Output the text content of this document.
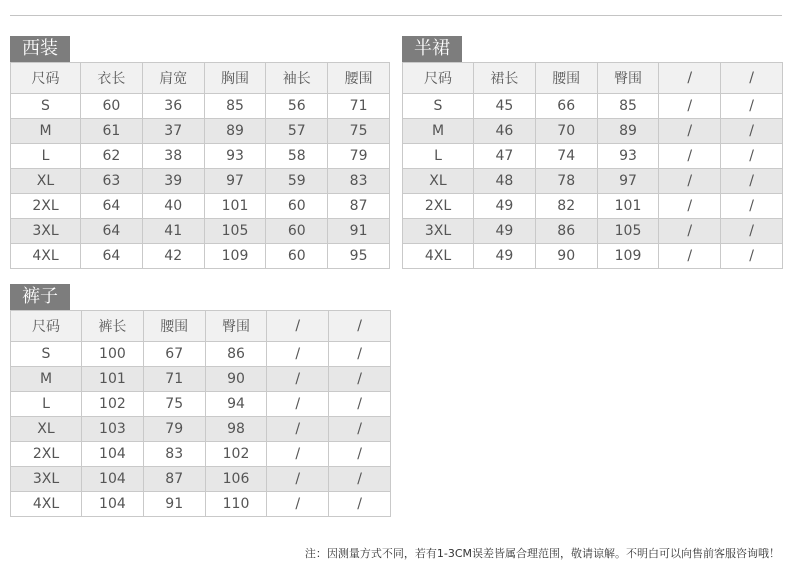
西装
尺码	衣长	肩宽	胸围	袖长	腰围
S	60	36	85	56	71
M	61	37	89	57	75
L	62	38	93	58	79
XL	63	39	97	59	83
2XL	64	40	101	60	87
3XL	64	41	105	60	91
4XL	64	42	109	60	95
半裙
尺码	裙长	腰围	臀围	/	/
S	45	66	85	/	/
M	46	70	89	/	/
L	47	74	93	/	/
XL	48	78	97	/	/
2XL	49	82	101	/	/
3XL	49	86	105	/	/
4XL	49	90	109	/	/
裤子
尺码	裤长	腰围	臀围	/	/
S	100	67	86	/	/
M	101	71	90	/	/
L	102	75	94	/	/
XL	103	79	98	/	/
2XL	104	83	102	/	/
3XL	104	87	106	/	/
4XL	104	91	110	/	/
注：因测量方式不同，若有1-3CM误差皆属合理范围，敬请谅解。不明白可以向售前客服咨询哦！
